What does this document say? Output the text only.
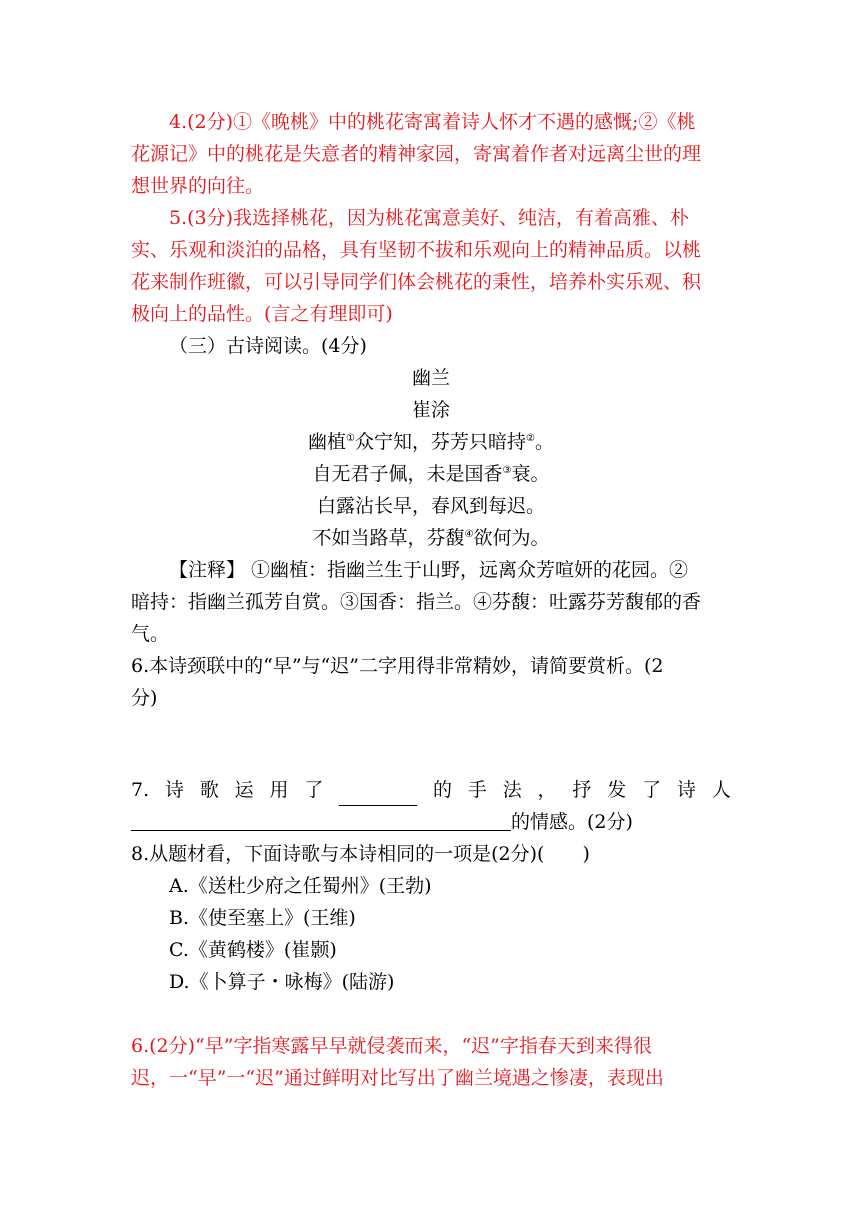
4.(2分)①《晚桃》中的桃花寄寓着诗人怀才不遇的感慨;②《桃

花源记》中的桃花是失意者的精神家园，寄寓着作者对远离尘世的理

想世界的向往。

5.(3分)我选择桃花，因为桃花寓意美好、纯洁，有着高雅、朴

实、乐观和淡泊的品格，具有坚韧不拔和乐观向上的精神品质。以桃

花来制作班徽，可以引导同学们体会桃花的秉性，培养朴实乐观、积

极向上的品性。(言之有理即可)

（三）古诗阅读。(4分)

幽兰

崔涂

幽植①众宁知，芬芳只暗持②。

自无君子佩，未是国香③衰。

白露沾长早，春风到每迟。

不如当路草，芬馥④欲何为。

【注释】 ①幽植：指幽兰生于山野，远离众芳喧妍的花园。②

暗持：指幽兰孤芳自赏。③国香：指兰。④芬馥：吐露芬芳馥郁的香

气。

6.本诗颈联中的“早”与“迟”二字用得非常精妙，请简要赏析。(2

分)

7. 诗 歌 运 用 了	的 手 法 ， 抒 发 了 诗 人

的情感。(2分)

8.从题材看，下面诗歌与本诗相同的一项是(2分)(　　)

A.《送杜少府之任蜀州》(王勃)

B.《使至塞上》(王维)

C.《黄鹤楼》(崔颢)

D.《卜算子・咏梅》(陆游)

6.(2分)“早”字指寒露早早就侵袭而来，“迟”字指春天到来得很

迟，一“早”一“迟”通过鲜明对比写出了幽兰境遇之惨凄，表现出
